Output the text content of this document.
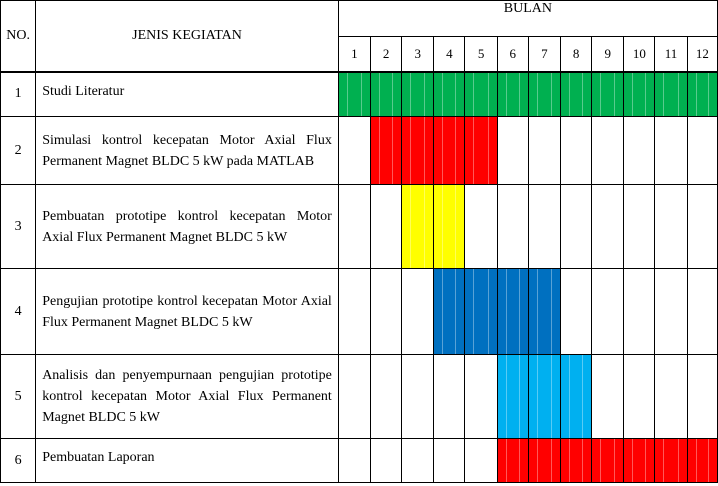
NO.	JENIS KEGIATAN	BULAN											
		1	2	3	4	5	6	7	8	9	10	11	12
1	Studi Literatur												
2	Simulasi kontrol kecepatan Motor Axial Flux Permanent Magnet BLDC 5 kW pada MATLAB												
3	Pembuatan prototipe kontrol kecepatan Motor Axial Flux Permanent Magnet BLDC 5 kW												
4	Pengujian prototipe kontrol kecepatan Motor Axial Flux Permanent Magnet BLDC 5 kW												
5	Analisis dan penyempurnaan pengujian prototipe kontrol kecepatan Motor Axial Flux Permanent Magnet BLDC 5 kW												
6	Pembuatan Laporan												
